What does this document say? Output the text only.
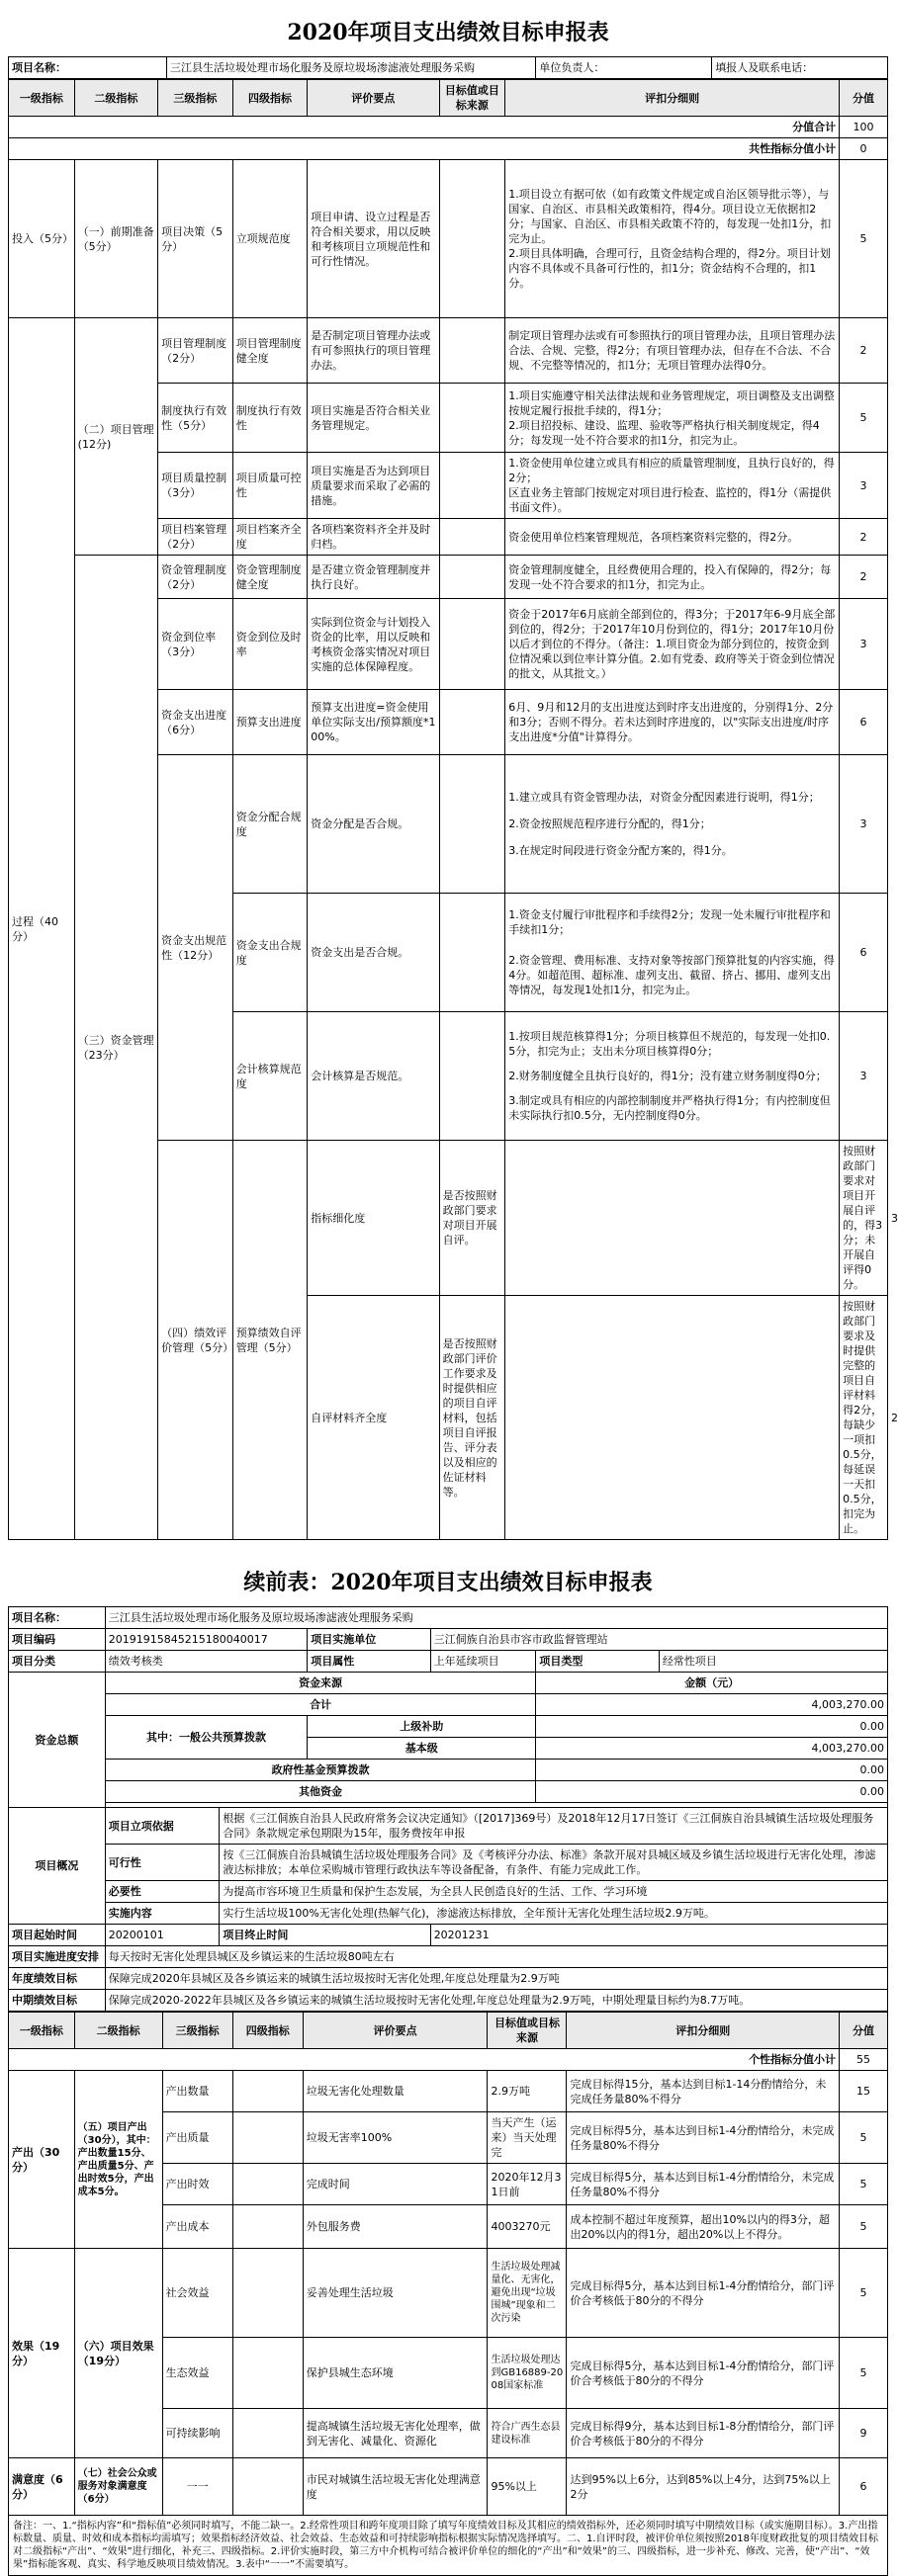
2020年项目支出绩效目标申报表
项目名称：	三江县生活垃圾处理市场化服务及原垃圾场渗滤液处理服务采购	单位负责人：	填报人及联系电话：
一级指标	二级指标	三级指标	四级指标	评价要点	目标值或目标来源	评扣分细则	分值	
分值合计							100	
共性指标分值小计							0	
投入（5分）	（一）前期准备（5分）	项目决策（5分）	立项规范度	项目申请、设立过程是否符合相关要求，用以反映和考核项目立项规范性和可行性情况。		1.项目设立有据可依（如有政策文件规定或自治区领导批示等），与国家、自治区、市县相关政策相符，得4分。项目设立无依据扣2分；与国家、自治区、市县相关政策不符的，每发现一处扣1分，扣完为止。
2.项目具体明确，合理可行，且资金结构合理的，得2分。项目计划内容不具体或不具备可行性的，扣1分；资金结构不合理的，扣1分。	5	
过程（40分）	（二）项目管理(12分)	项目管理制度（2分）	项目管理制度健全度	是否制定项目管理办法或有可参照执行的项目管理办法。		制定项目管理办法或有可参照执行的项目管理办法，且项目管理办法合法、合规、完整，得2分；有项目管理办法，但存在不合法、不合规、不完整等情况的，扣1分；无项目管理办法得0分。	2	
		制度执行有效性（5分）	制度执行有效性	项目实施是否符合相关业务管理规定。		1.项目实施遵守相关法律法规和业务管理规定，项目调整及支出调整按规定履行报批手续的，得1分；
2.项目招投标、建设、监理、验收等严格执行相关制度规定，得4分；每发现一处不符合要求的扣1分，扣完为止。	5	
		项目质量控制（3分）	项目质量可控性	项目实施是否为达到项目质量要求而采取了必需的措施。		1.资金使用单位建立或具有相应的质量管理制度，且执行良好的，得2分；
区直业务主管部门按规定对项目进行检查、监控的，得1分（需提供书面文件）。	3	
		项目档案管理（2分）	项目档案齐全度	各项档案资料齐全并及时归档。		资金使用单位档案管理规范，各项档案资料完整的，得2分。	2	
	（三）资金管理（23分）	资金管理制度（2分）	资金管理制度健全度	是否建立资金管理制度并执行良好。		资金管理制度健全，且经费使用合理的，投入有保障的，得2分；每发现一处不符合要求的扣1分，扣完为止。	2	
		资金到位率（3分）	资金到位及时率	实际到位资金与计划投入资金的比率，用以反映和考核资金落实情况对项目实施的总体保障程度。		资金于2017年6月底前全部到位的，得3分；于2017年6-9月底全部到位的，得2分；于2017年10月份到位的，得1分；2017年10月份以后才到位的不得分。（备注：1.项目资金为部分到位的，按资金到位情况乘以到位率计算分值。2.如有党委、政府等关于资金到位情况的批文，从其批文。）	3	
		资金支出进度（6分）	预算支出进度	预算支出进度=资金使用单位实际支出/预算额度*100%。		6月、9月和12月的支出进度达到时序支出进度的，分别得1分、2分和3分；否则不得分。若未达到时序进度的，以"实际支出进度/时序支出进度*分值"计算得分。	6	
		资金支出规范性（12分）	资金分配合规度	资金分配是否合规。		1.建立或具有资金管理办法，对资金分配因素进行说明，得1分；
2.资金按照规范程序进行分配的，得1分；
3.在规定时间段进行资金分配方案的，得1分。	3	
			资金支出合规度	资金支出是否合规。		1.资金支付履行审批程序和手续得2分；发现一处未履行审批程序和手续扣1分；
2.资金管理、费用标准、支持对象等按部门预算批复的内容实施，得4分。如超范围、超标准、虚列支出、截留、挤占、挪用、虚列支出等情况，每发现1处扣1分，扣完为止。	6	
			会计核算规范度	会计核算是否规范。		1.按项目规范核算得1分；分项目核算但不规范的，每发现一处扣0.5分，扣完为止；支出未分项目核算得0分；
2.财务制度健全且执行良好的，得1分；没有建立财务制度得0分；
3.制定或具有相应的内部控制制度并严格执行得1分；有内控制度但未实际执行扣0.5分，无内控制度得0分。	3	
		（四）绩效评价管理（5分）	预算绩效自评管理（5分）	指标细化度	是否按照财政部门要求对项目开展自评。		按照财政部门要求对项目开展自评的，得3分；未开展自评得0分。	3
				自评材料齐全度	是否按照财政部门评价工作要求及时提供相应的项目自评材料，包括项目自评报告、评分表以及相应的佐证材料等。		按照财政部门要求及时提供完整的项目自评材料得2分，每缺少一项扣0.5分，每延误一天扣0.5分，扣完为止。	2
续前表：2020年项目支出绩效目标申报表
项目名称：	三江县生活垃圾处理市场化服务及原垃圾场渗滤液处理服务采购					
项目编码	20191915845215180040017		项目实施单位	三江侗族自治县市容市政监督管理站		
项目分类	绩效考核类		项目属性	上年延续项目	项目类型	经常性项目
资金总额	资金来源				金额（元）	
	合计				4,003,270.00	
	其中：一般公共预算拨款		上级补助		0.00	
			基本级		4,003,270.00	
	政府性基金预算拨款				0.00	
	其他资金				0.00	

项目概况	项目立项依据	根据《三江侗族自治县人民政府常务会议决定通知》（[2017]369号）及2018年12月17日签订《三江侗族自治县城镇生活垃圾处理服务合同》条款规定承包期限为15年，服务费按年申报				
	可行性	按《三江侗族自治县城镇生活垃圾处理服务合同》及《考核评分办法、标准》条款开展对县城区域及乡镇生活垃圾进行无害化处理，渗滤液达标排放；本单位采购城市管理行政执法车等设备配备，有条件、有能力完成此工作。				
	必要性	为提高市容环境卫生质量和保护生态发展，为全县人民创造良好的生活、工作、学习环境				
	实施内容	实行生活垃圾100%无害化处理(热解气化)，渗滤液达标排放，全年预计无害化处理生活垃圾2.9万吨。				
项目起始时间	20200101	项目终止时间		20201231		
项目实施进度安排	每天按时无害化处理县城区及乡镇运来的生活垃圾80吨左右					
年度绩效目标	保障完成2020年县城区及各乡镇运来的城镇生活垃圾按时无害化处理,年度总处理量为2.9万吨					
中期绩效目标	保障完成2020-2022年县城区及各乡镇运来的城镇生活垃圾按时无害化处理,年度总处理量为2.9万吨，中期处理量目标约为8.7万吨。					
一级指标	二级指标	三级指标	四级指标	评价要点	目标值或目标来源	评扣分细则	分值
个性指标分值小计							55
产出（30分）	（五）项目产出（30分），其中：产出数量15分、产出质量5分、产出时效5分，产出成本5分。	产出数量		垃圾无害化处理数量	2.9万吨	完成目标得15分，基本达到目标1-14分酌情给分，未完成任务量80%不得分	15
		产出质量		垃圾无害率100%	当天产生（运来）当天处理完	完成目标得5分，基本达到目标1-4分酌情给分，未完成任务量80%不得分	5
		产出时效		完成时间	2020年12月31日前	完成目标得5分，基本达到目标1-4分酌情给分，未完成任务量80%不得分	5
		产出成本		外包服务费	4003270元	成本控制不超过年度预算，超出10%以内的得3分，超出20%以内的得1分，超出20%以上不得分。	5
效果（19分）	（六）项目效果（19分）	社会效益		妥善处理生活垃圾	生活垃圾处理减量化、无害化，避免出现“垃圾围城”现象和二次污染	完成目标得5分，基本达到目标1-4分酌情给分，部门评价合考核低于80分的不得分	5
		生态效益		保护县城生态环境	生活垃圾处理达到GB16889-2008国家标准	完成目标得5分，基本达到目标1-4分酌情给分，部门评价合考核低于80分的不得分	5
		可持续影响		提高城镇生活垃圾无害化处理率，做到无害化、减量化、资源化	符合广西生态县建设标准	完成目标得9分，基本达到目标1-8分酌情给分，部门评价合考核低于80分的不得分	9
满意度（6分）	（七）社会公众或服务对象满意度（6分）	一一		市民对城镇生活垃圾无害化处理满意度	95%以上	达到95%以上6分，达到85%以上4分，达到75%以上2分	6
备注：一、1.“指标内容”和“指标值”必须同时填写，不能二缺一。2.经常性项目和跨年度项目除了填写年度绩效目标及其相应的绩效指标外，还必须同时填写中期绩效目标（或实施期目标）。3.产出指标数量、质量、时效和成本指标均需填写；效果指标经济效益、社会效益、生态效益和可持续影响指标根据实际情况选择填写。二、1.自评时段，被评价单位须按照2018年度财政批复的项目绩效目标对二级指标“产出”、“效果”进行细化，补充三、四级指标。2.评价实施时段，第三方中介机构可结合被评价单位的细化的“产出”和“效果”的三、四级指标，进一步补充、修改、完善，使“产出”、“效果”指标能客观、真实、科学地反映项目绩效情况。3.表中“一一”不需要填写。
